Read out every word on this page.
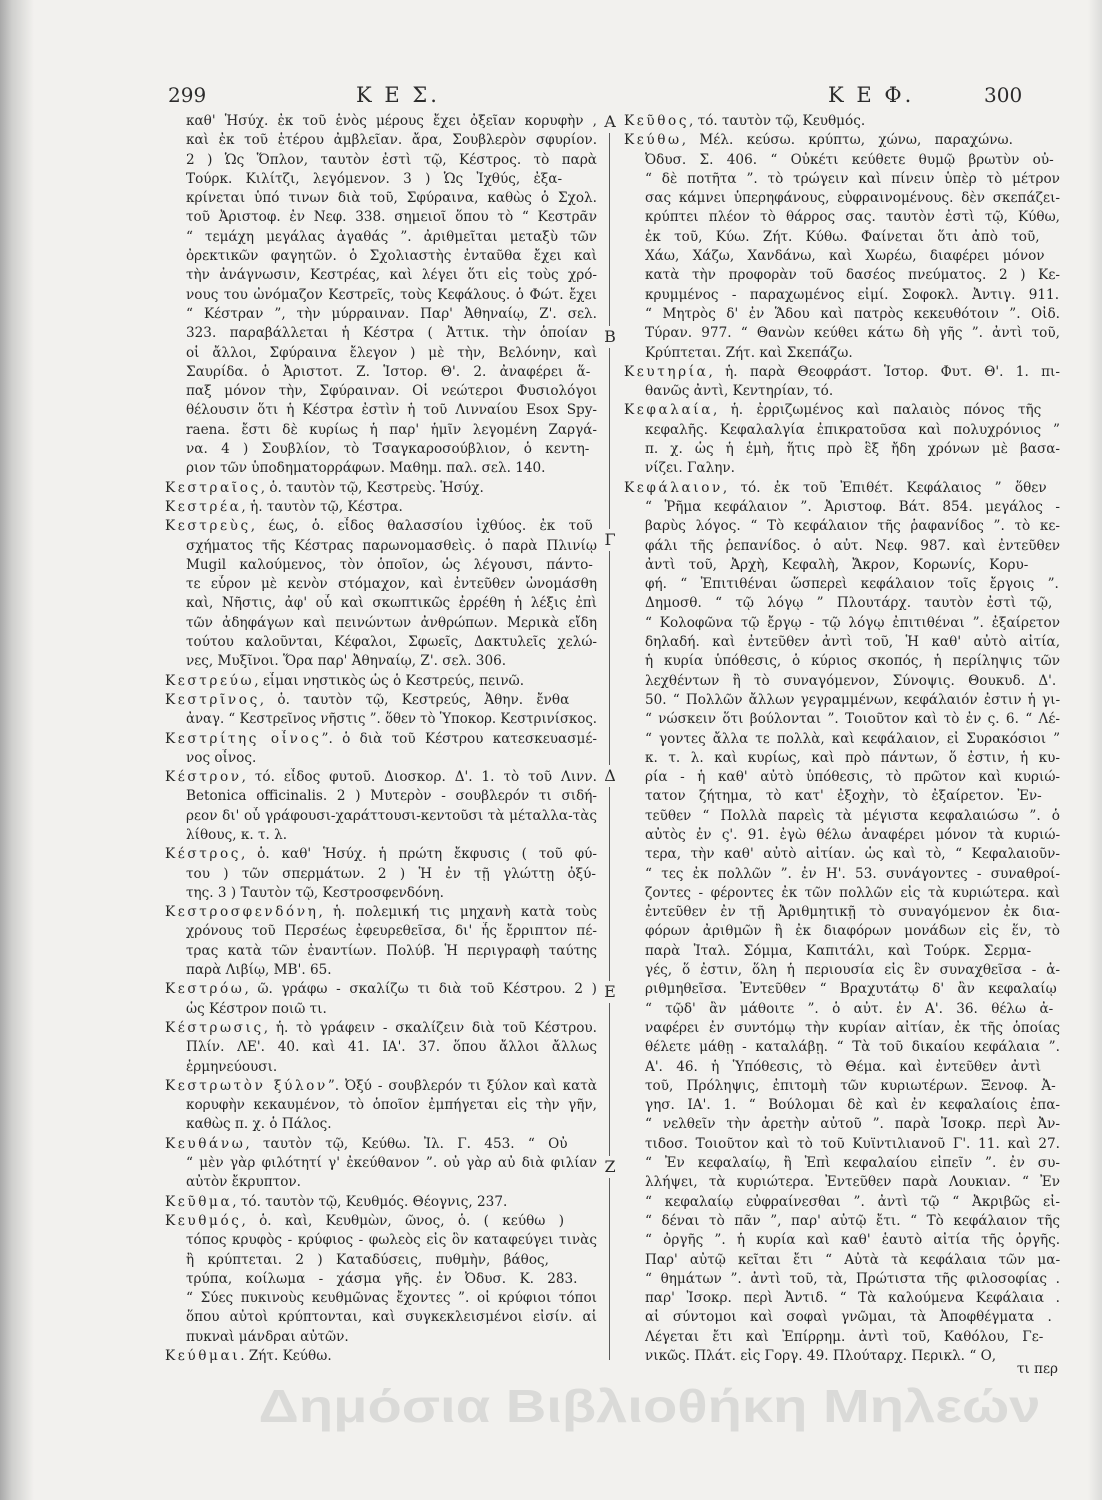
299	Κ Ε Σ.	Κ Ε Φ.	300
καθ' Ἡσύχ. ἐκ τοῦ ἑνὸς μέρους ἔχει ὀξεῖαν κορυφὴν ,
καὶ ἐκ τοῦ ἑτέρου ἀμβλεῖαν. ἄρα, Σουβλερὸν σφυρίον.
2 ) Ὡς Ὅπλον, ταυτὸν ἐστὶ τῷ, Κέστρος. τὸ παρὰ
Τούρκ. Κιλίτζι, λεγόμενον. 3 ) Ὡς Ἰχθύς, ἐξα-
κρίνεται ὑπό τινων διὰ τοῦ, Σφύραινα, καθὼς ὁ Σχολ.
τοῦ Ἀριστοφ. ἐν Νεφ. 338. σημειοῖ ὅπου τὸ “ Κεστρᾶν
“ τεμάχη μεγάλας ἀγαθάς ”. ἀριθμεῖται μεταξὺ τῶν
ὀρεκτικῶν φαγητῶν. ὁ Σχολιαστὴς ἐνταῦθα ἔχει καὶ
τὴν ἀνάγνωσιν, Κεστρέας, καὶ λέγει ὅτι εἰς τοὺς χρό-
νους του ὠνόμαζον Κεστρεῖς, τοὺς Κεφάλους. ὁ Φώτ. ἔχει
“ Κέστραν ”, τὴν μύρραιναν. Παρ' Ἀθηναίῳ, Ζ'. σελ.
323. παραβάλλεται ἡ Κέστρα ( Ἀττικ. τὴν ὁποίαν
οἱ ἄλλοι, Σφύραινα ἔλεγον ) μὲ τὴν, Βελόνην, καὶ
Σαυρίδα. ὁ Ἀριστοτ. Ζ. Ἱστορ. Θ'. 2. ἀναφέρει ἅ-
παξ μόνον τὴν, Σφύραιναν. Οἱ νεώτεροι Φυσιολόγοι
θέλουσιν ὅτι ἡ Κέστρα ἐστὶν ἡ τοῦ Λινναίου Esox Spy-
raena. ἔστι δὲ κυρίως ἡ παρ' ἡμῖν λεγομένη Ζαργά-
να. 4 ) Σουβλίον, τὸ Τσαγκαροσούβλιον, ὁ κεντη-
ριον τῶν ὑποδηματορράφων. Μαθημ. παλ. σελ. 140.
Κεστραῖος, ὁ. ταυτὸν τῷ, Κεστρεὺς. Ἡσύχ.
Κεστρέα, ἡ. ταυτὸν τῷ, Κέστρα.
Κεστρεὺς, έως, ὁ. εἶδος θαλασσίου ἰχθύος. ἐκ τοῦ
σχήματος τῆς Κέστρας παρωνομασθεὶς. ὁ παρὰ Πλινίῳ
Mugil καλούμενος, τὸν ὁποῖον, ὡς λέγουσι, πάντο-
τε εὗρον μὲ κενὸν στόμαχον, καὶ ἐντεῦθεν ὠνομάσθη
καὶ, Νῆστις, ἀφ' οὗ καὶ σκωπτικῶς ἐρρέθη ἡ λέξις ἐπὶ
τῶν ἀδηφάγων καὶ πεινώντων ἀνθρώπων. Μερικὰ εἴδη
τούτου καλοῦνται, Κέφαλοι, Σφωεῖς, Δακτυλεῖς χελώ-
νες, Μυξῖνοι. Ὅρα παρ' Ἀθηναίῳ, Ζ'. σελ. 306.
Κεστρεύω, εἶμαι νηστικὸς ὡς ὁ Κεστρεύς, πεινῶ.
Κεστρῖνος, ὁ. ταυτὸν τῷ, Κεστρεύς, Ἀθην. ἔνθα
ἀναγ. “ Κεστρεῖνος νῆστις ”. ὅθεν τὸ Ὑποκορ. Κεστρινίσκος.
Κεστρίτης οἶνος”. ὁ διὰ τοῦ Κέστρου κατεσκευασμέ-
νος οἶνος.
Κέστρον, τό. εἶδος φυτοῦ. Διοσκορ. Δ'. 1. τὸ τοῦ Λινν.
Betonica officinalis. 2 ) Μυτερὸν - σουβλερόν τι σιδή-
ρεον δι' οὗ γράφουσι-χαράττουσι-κεντοῦσι τὰ μέταλλα-τὰς
λίθους, κ. τ. λ.
Κέστρος, ὁ. καθ' Ἡσύχ. ἡ πρώτη ἔκφυσις ( τοῦ φύ-
του ) τῶν σπερμάτων. 2 ) Ἡ ἐν τῇ γλώττῃ ὀξύ-
της. 3 ) Ταυτὸν τῷ, Κεστροσφενδόνη.
Κεστροσφενδόνη, ἡ. πολεμική τις μηχανὴ κατὰ τοὺς
χρόνους τοῦ Περσέως ἐφευρεθεῖσα, δι' ἧς ἔρριπτον πέ-
τρας κατὰ τῶν ἐναντίων. Πολύβ. Ἡ περιγραφὴ ταύτης
παρὰ Λιβίῳ, ΜΒ'. 65.
Κεστρόω, ῶ. γράφω - σκαλίζω τι διὰ τοῦ Κέστρου. 2 )
ὡς Κέστρον ποιῶ τι.
Κέστρωσις, ἡ. τὸ γράφειν - σκαλίζειν διὰ τοῦ Κέστρου.
Πλίν. ΛΕ'. 40. καὶ 41. ΙΑ'. 37. ὅπου ἄλλοι ἄλλως
ἑρμηνεύουσι.
Κεστρωτὸν ξύλον”. Ὀξύ - σουβλερόν τι ξύλον καὶ κατὰ
κορυφὴν κεκαυμένον, τὸ ὁποῖον ἐμπήγεται εἰς τὴν γῆν,
καθὼς π. χ. ὁ Πάλος.
Κευθάνω, ταυτὸν τῷ, Κεύθω. Ἰλ. Γ. 453. “ Οὐ
“ μὲν γὰρ φιλότητί γ' ἐκεύθανον ”. οὐ γὰρ αὐ διὰ φιλίαν
αὐτὸν ἔκρυπτον.
Κεῦθμα, τό. ταυτὸν τῷ, Κευθμός. Θέογνις, 237.
Κευθμός, ὁ. καὶ, Κευθμὼν, ῶνος, ὁ. ( κεύθω )
τόπος κρυφὸς - κρύφιος - φωλεὸς εἰς ὃν καταφεύγει τινὰς
ἢ κρύπτεται. 2 ) Καταδύσεις, πυθμὴν, βάθος,
τρύπα, κοίλωμα - χάσμα γῆς. ἐν Ὀδυσ. Κ. 283.
“ Σύες πυκινοὺς κευθμῶνας ἔχοντες ”. οἱ κρύφιοι τόποι
ὅπου αὐτοὶ κρύπτονται, καὶ συγκεκλεισμένοι εἰσίν. αἱ
πυκναὶ μάνδραι αὐτῶν.
Κεύθμαι. Ζήτ. Κεύθω.
Κεῦθος, τό. ταυτὸν τῷ, Κευθμός.
Κεύθω, Μέλ. κεύσω. κρύπτω, χώνω, παραχώνω.
Ὀδυσ. Σ. 406. “ Οὐκέτι κεύθετε θυμῷ βρωτὺν οὐ-
“ δὲ ποτῆτα ”. τὸ τρώγειν καὶ πίνειν ὑπὲρ τὸ μέτρον
σας κάμνει ὑπερηφάνους, εὐφραινομένους. δὲν σκεπάζει-
κρύπτει πλέον τὸ θάρρος σας. ταυτὸν ἐστὶ τῷ, Κύθω,
ἐκ τοῦ, Κύω. Ζήτ. Κύθω. Φαίνεται ὅτι ἀπὸ τοῦ,
Χάω, Χάζω, Χανδάνω, καὶ Χωρέω, διαφέρει μόνον
κατὰ τὴν προφορὰν τοῦ δασέος πνεύματος. 2 ) Κε-
κρυμμένος - παραχωμένος εἰμί. Σοφοκλ. Ἀντιγ. 911.
“ Μητρὸς δ' ἐν Ἅδου καὶ πατρὸς κεκευθότοιν ”. Οἰδ.
Τύραν. 977. “ Θανὼν κεύθει κάτω δὴ γῆς ”. ἀντὶ τοῦ,
Κρύπτεται. Ζήτ. καὶ Σκεπάζω.
Κευτηρία, ἡ. παρὰ Θεοφράστ. Ἱστορ. Φυτ. Θ'. 1. πι-
θανῶς ἀντὶ, Κεντηρίαν, τό.
Κεφαλαία, ἡ. ἐρριζωμένος καὶ παλαιὸς πόνος τῆς
κεφαλῆς. Κεφαλαλγία ἐπικρατοῦσα καὶ πολυχρόνιος ”
π. χ. ὡς ἡ ἐμὴ, ἥτις πρὸ ἓξ ἤδη χρόνων μὲ βασα-
νίζει. Γαλην.
Κεφάλαιον, τό. ἐκ τοῦ Ἐπιθέτ. Κεφάλαιος ” ὅθεν
“ Ῥῆμα κεφάλαιον ”. Ἀριστοφ. Βάτ. 854. μεγάλος -
βαρὺς λόγος. “ Τὸ κεφάλαιον τῆς ῥαφανίδος ”. τὸ κε-
φάλι τῆς ῥεπανίδος. ὁ αὐτ. Νεφ. 987. καὶ ἐντεῦθεν
ἀντὶ τοῦ, Ἀρχὴ, Κεφαλὴ, Ἄκρον, Κορωνίς, Κορυ-
φή. “ Ἐπιτιθέναι ὥσπερεὶ κεφάλαιον τοῖς ἔργοις ”.
Δημοσθ. “ τῷ λόγῳ ” Πλουτάρχ. ταυτὸν ἐστὶ τῷ,
“ Κολοφῶνα τῷ ἔργῳ - τῷ λόγῳ ἐπιτιθέναι ”. ἐξαίρετον
δηλαδή. καὶ ἐντεῦθεν ἀντὶ τοῦ, Ἡ καθ' αὐτὸ αἰτία,
ἡ κυρία ὑπόθεσις, ὁ κύριος σκοπός, ἡ περίληψις τῶν
λεχθέντων ἢ τὸ συναγόμενον, Σύνοψις. Θουκυδ. Δ'.
50. “ Πολλῶν ἄλλων γεγραμμένων, κεφάλαιόν ἐστιν ἡ γι-
“ νώσκειν ὅτι βούλονται ”. Τοιοῦτον καὶ τὸ ἐν ς. 6. “ Λέ-
“ γοντες ἄλλα τε πολλὰ, καὶ κεφάλαιον, εἰ Συρακόσιοι ”
κ. τ. λ. καὶ κυρίως, καὶ πρὸ πάντων, ὅ ἐστιν, ἡ κυ-
ρία - ἡ καθ' αὐτὸ ὑπόθεσις, τὸ πρῶτον καὶ κυριώ-
τατον ζήτημα, τὸ κατ' ἐξοχὴν, τὸ ἐξαίρετον. Ἐν-
τεῦθεν “ Πολλὰ παρεὶς τὰ μέγιστα κεφαλαιώσω ”. ὁ
αὐτὸς ἐν ς'. 91. ἐγὼ θέλω ἀναφέρει μόνον τὰ κυριώ-
τερα, τὴν καθ' αὐτὸ αἰτίαν. ὡς καὶ τὸ, “ Κεφαλαιοῦν-
“ τες ἐκ πολλῶν ”. ἐν Η'. 53. συνάγοντες - συναθροί-
ζοντες - φέροντες ἐκ τῶν πολλῶν εἰς τὰ κυριώτερα. καὶ
ἐντεῦθεν ἐν τῇ Ἀριθμητικῇ τὸ συναγόμενον ἐκ δια-
φόρων ἀριθμῶν ἢ ἐκ διαφόρων μονάδων εἰς ἕν, τὸ
παρὰ Ἰταλ. Σόμμα, Καπιτάλι, καὶ Τούρκ. Σερμα-
γές, ὅ ἐστιν, ὅλη ἡ περιουσία εἰς ἓν συναχθεῖσα - ἀ-
ριθμηθεῖσα. Ἐντεῦθεν “ Βραχυτάτῳ δ' ἂν κεφαλαίῳ
“ τῷδ' ἂν μάθοιτε ”. ὁ αὐτ. ἐν Α'. 36. θέλω ἀ-
ναφέρει ἐν συντόμῳ τὴν κυρίαν αἰτίαν, ἐκ τῆς ὁποίας
θέλετε μάθῃ - καταλάβῃ. “ Τὰ τοῦ δικαίου κεφάλαια ”.
Α'. 46. ἡ Ὑπόθεσις, τὸ Θέμα. καὶ ἐντεῦθεν ἀντὶ
τοῦ, Πρόληψις, ἐπιτομὴ τῶν κυριωτέρων. Ξενοφ. Ἀ-
γησ. ΙΑ'. 1. “ Βούλομαι δὲ καὶ ἐν κεφαλαίοις ἐπα-
“ νελθεῖν τὴν ἀρετὴν αὐτοῦ ”. παρὰ Ἰσοκρ. περὶ Ἀν-
τιδοσ. Τοιοῦτον καὶ τὸ τοῦ Κυϊντιλιανοῦ Γ'. 11. καὶ 27.
“ Ἐν κεφαλαίῳ, ἢ Ἐπὶ κεφαλαίου εἰπεῖν ”. ἐν συ-
λλήψει, τὰ κυριώτερα. Ἐντεῦθεν παρὰ Λουκιαν. “ Ἐν
“ κεφαλαίῳ εὐφραίνεσθαι ”. ἀντὶ τῷ “ Ἀκριβῶς εἰ-
“ δέναι τὸ πᾶν ”, παρ' αὐτῷ ἔτι. “ Τὸ κεφάλαιον τῆς
“ ὀργῆς ”. ἡ κυρία καὶ καθ' ἑαυτὸ αἰτία τῆς ὀργῆς.
Παρ' αὐτῷ κεῖται ἔτι “ Αὐτὰ τὰ κεφάλαια τῶν μα-
“ θημάτων ”. ἀντὶ τοῦ, τὰ, Πρώτιστα τῆς φιλοσοφίας .
παρ' Ἰσοκρ. περὶ Ἀντιδ. “ Τὰ καλούμενα Κεφάλαια .
αἱ σύντομοι καὶ σοφαὶ γνῶμαι, τὰ Ἀποφθέγματα .
Λέγεται ἔτι καὶ Ἐπίρρημ. ἀντὶ τοῦ, Καθόλου, Γε-
νικῶς. Πλάτ. εἰς Γοργ. 49. Πλούταρχ. Περικλ. “ Ο,
Α
Β
Γ
Δ
Ε
Ζ
τι περ
Δημόσια Βιβλιοθήκη Μηλεών
